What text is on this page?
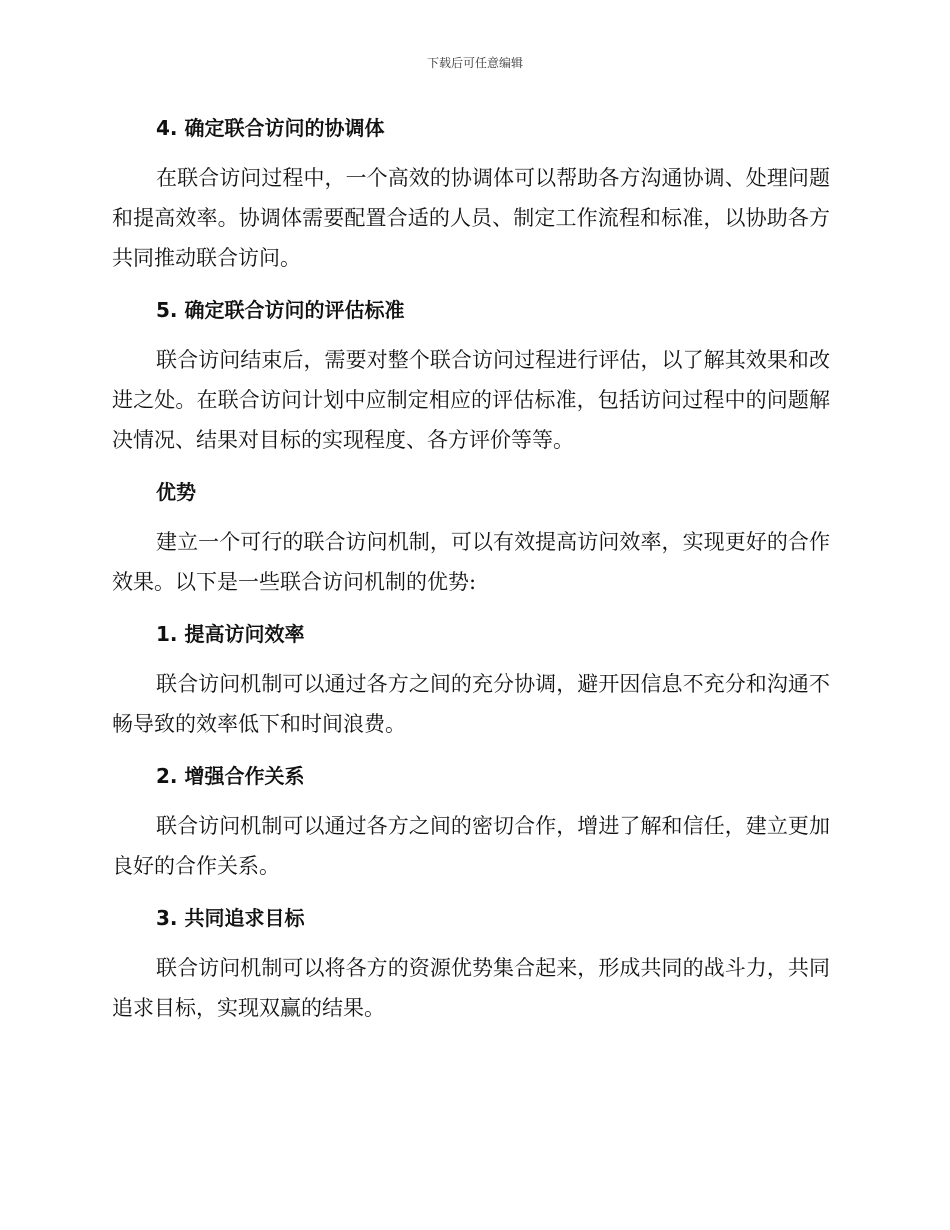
下载后可任意编辑
4. 确定联合访问的协调体

在联合访问过程中，一个高效的协调体可以帮助各方沟通协调、处理问题和提高效率。协调体需要配置合适的人员、制定工作流程和标准，以协助各方共同推动联合访问。

5. 确定联合访问的评估标准

联合访问结束后，需要对整个联合访问过程进行评估，以了解其效果和改进之处。在联合访问计划中应制定相应的评估标准，包括访问过程中的问题解决情况、结果对目标的实现程度、各方评价等等。

优势

建立一个可行的联合访问机制，可以有效提高访问效率，实现更好的合作效果。以下是一些联合访问机制的优势:

1. 提高访问效率

联合访问机制可以通过各方之间的充分协调，避开因信息不充分和沟通不畅导致的效率低下和时间浪费。

2. 增强合作关系

联合访问机制可以通过各方之间的密切合作，增进了解和信任，建立更加良好的合作关系。

3. 共同追求目标

联合访问机制可以将各方的资源优势集合起来，形成共同的战斗力，共同追求目标，实现双赢的结果。
